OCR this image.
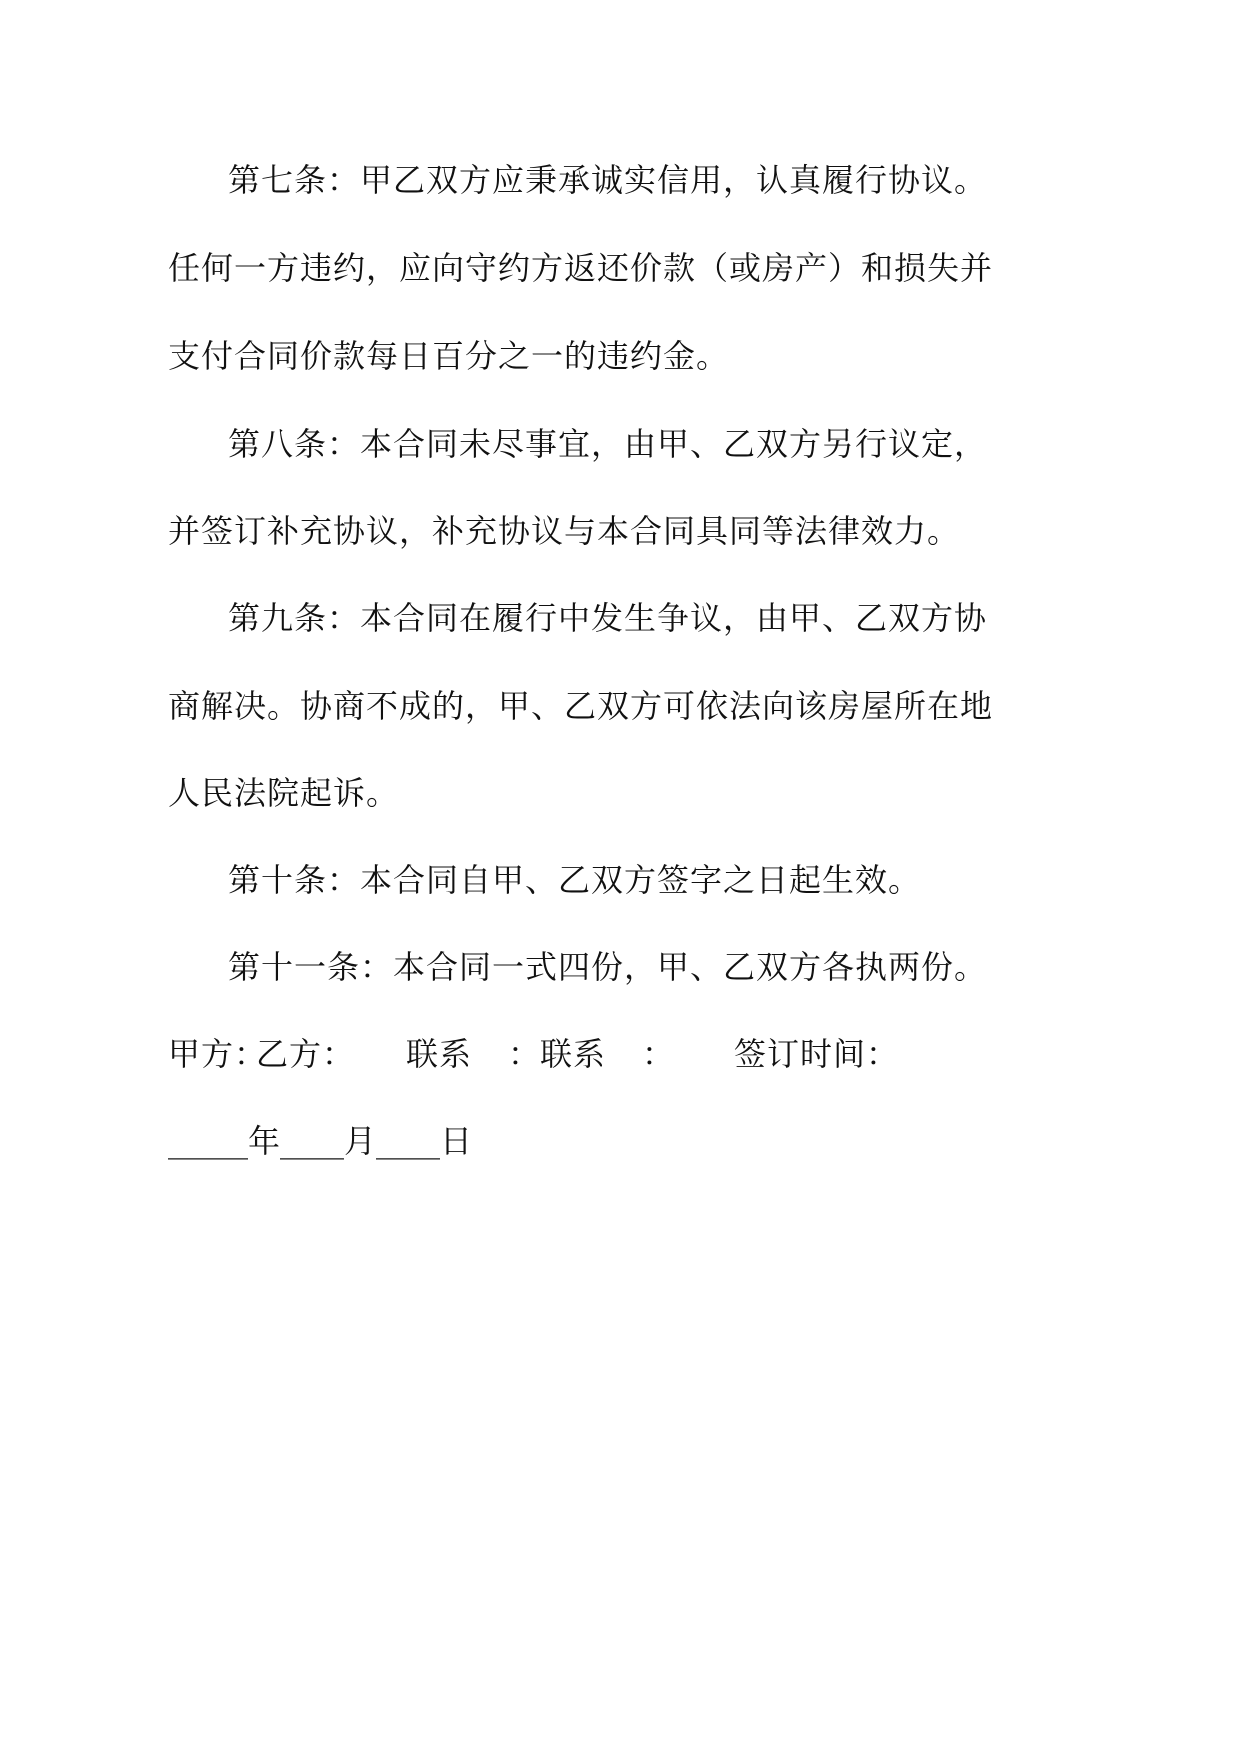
第七条：甲乙双方应秉承诚实信用，认真履行协议。
任何一方违约，应向守约方返还价款（或房产）和损失并
支付合同价款每日百分之一的违约金。
第八条：本合同未尽事宜，由甲、乙双方另行议定，
并签订补充协议，补充协议与本合同具同等法律效力。
第九条：本合同在履行中发生争议，由甲、乙双方协
商解决。协商不成的，甲、乙双方可依法向该房屋所在地
人民法院起诉。
第十条：本合同自甲、乙双方签字之日起生效。
第十一条：本合同一式四份，甲、乙双方各执两份。
甲方：
乙方： 联系 ：
联系 ： 签订时间：
_____年____月____日
